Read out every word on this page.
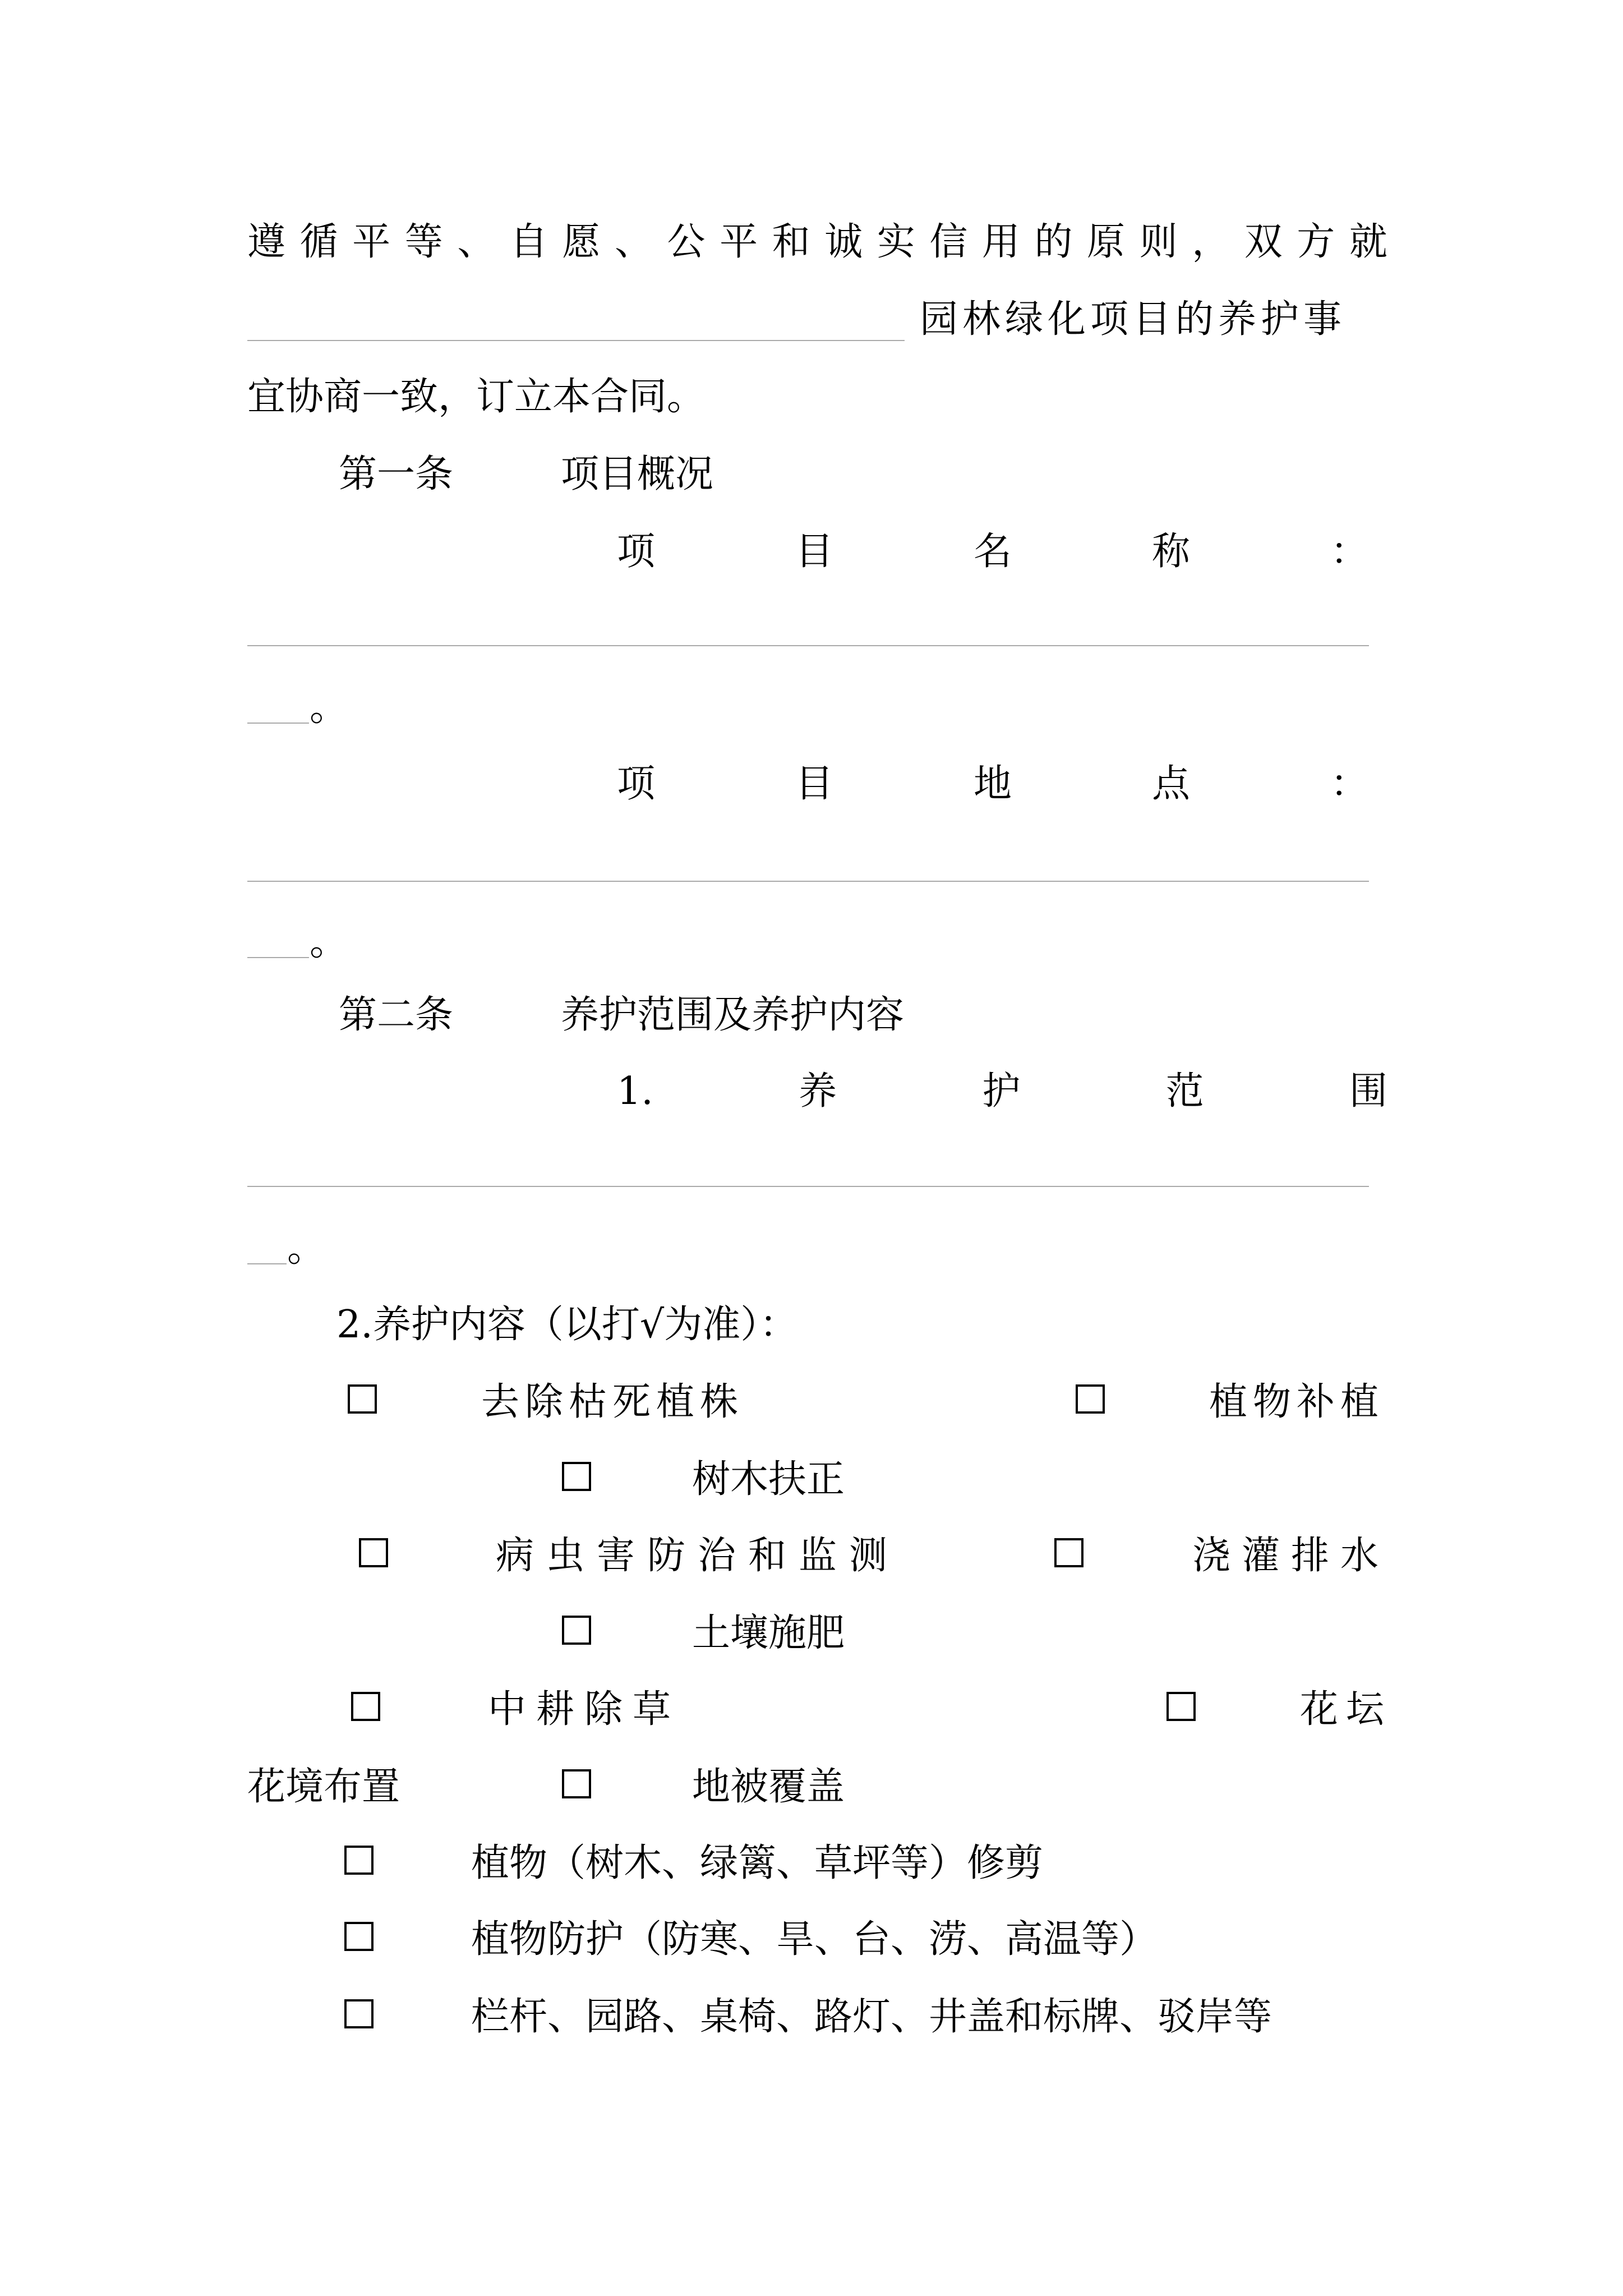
遵 循 平 等 、 自 愿 、 公 平 和 诚 实 信 用 的 原 则 ， 双 方 就
园林绿化项目的养护事
宜协商一致，订立本合同。
第一条	项目概况
项	目	名	称	：
。
项	目	地	点	：
。
第二条	养护范围及养护内容
1.	养	护	范	围
。
2.养护内容（以打√为准）：
去除枯死植株	植物补植
树木扶正
病虫害防治和监测	浇灌排水
土壤施肥
中耕除草	花坛
花境布置	地被覆盖
植物（树木、绿篱、草坪等）修剪
植物防护（防寒、旱、台、涝、高温等）
栏杆、园路、桌椅、路灯、井盖和标牌、驳岸等
